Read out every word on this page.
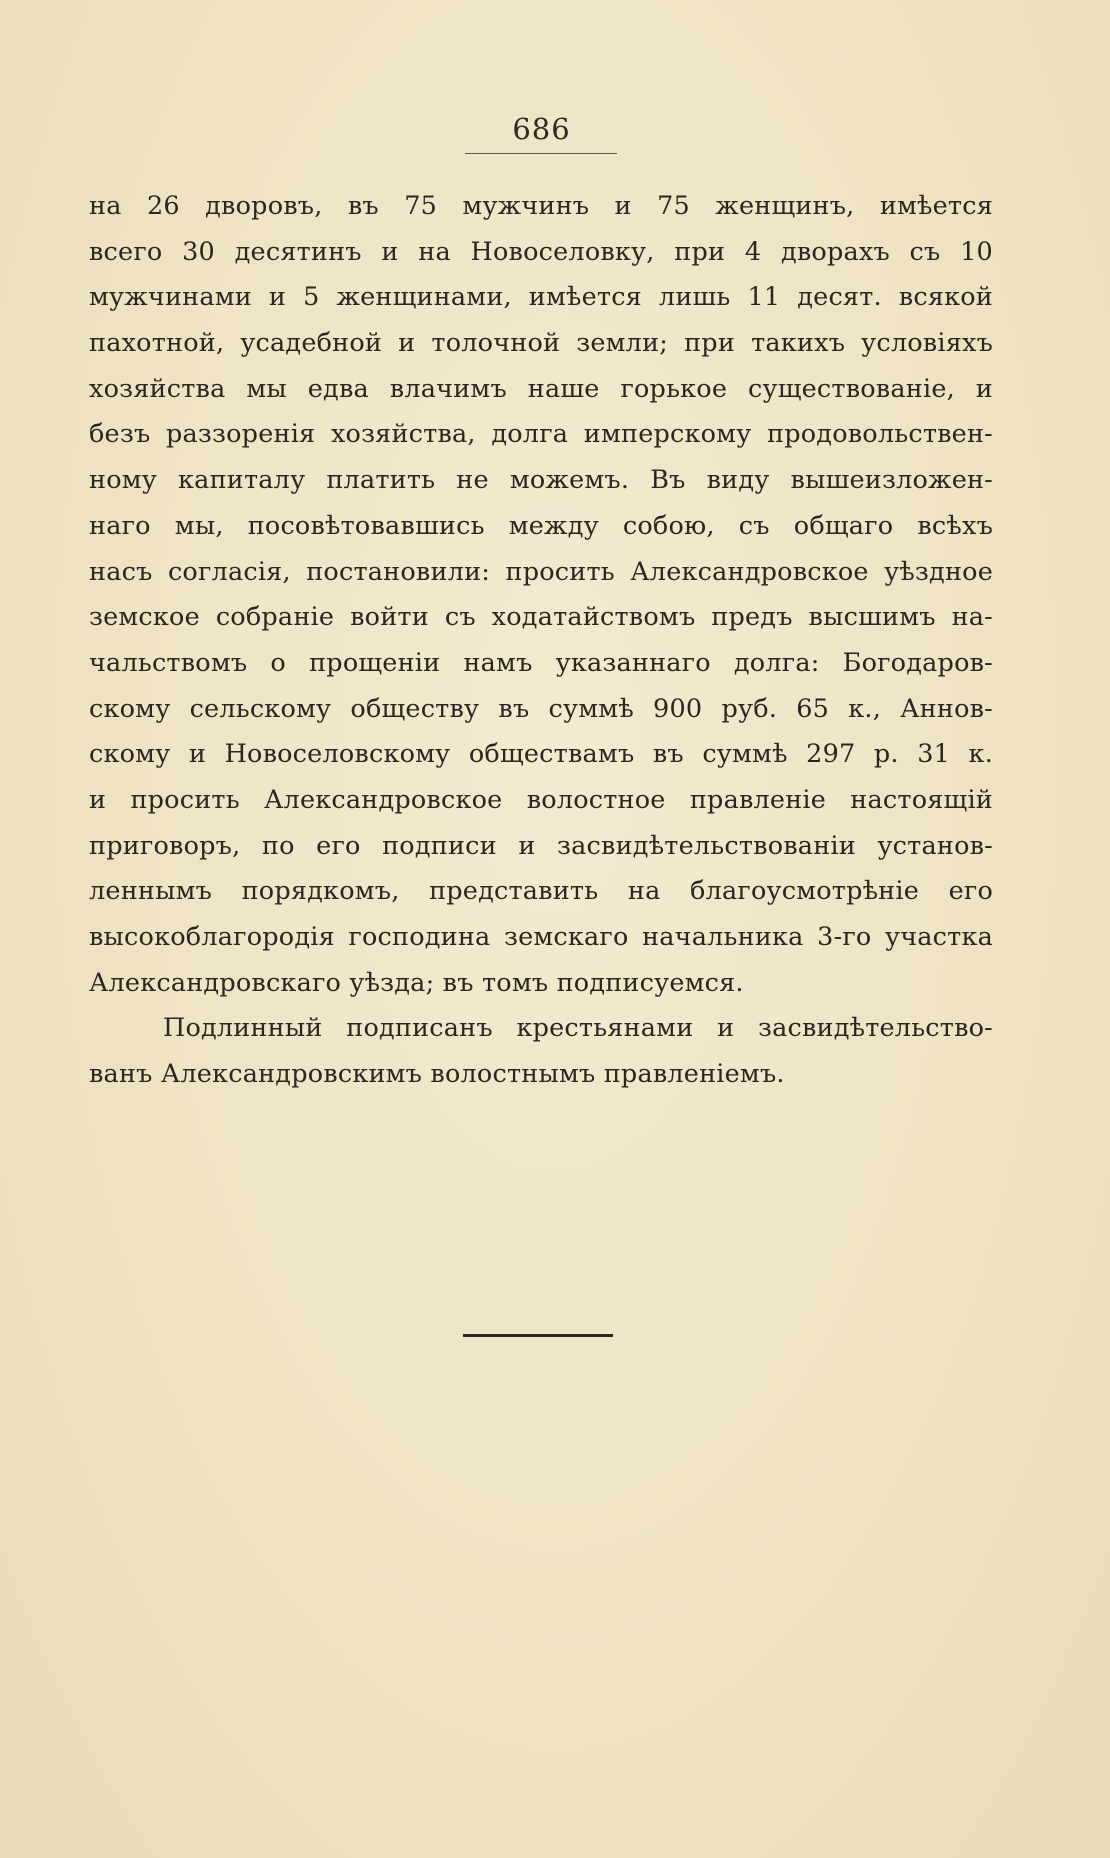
686
на 26 дворовъ, въ 75 мужчинъ и 75 женщинъ, имѣется
всего 30 десятинъ и на Новоселовку, при 4 дворахъ съ 10
мужчинами и 5 женщинами, имѣется лишь 11 десят. всякой
пахотной, усадебной и толочной земли; при такихъ условіяхъ
хозяйства мы едва влачимъ наше горькое существованіе, и
безъ раззоренія хозяйства, долга имперскому продовольствен-
ному капиталу платить не можемъ. Въ виду вышеизложен-
наго мы, посовѣтовавшись между собою, съ общаго всѣхъ
насъ согласія, постановили: просить Александровское уѣздное
земское собраніе войти съ ходатайствомъ предъ высшимъ на-
чальствомъ о прощеніи намъ указаннаго долга: Богодаров-
скому сельскому обществу въ суммѣ 900 руб. 65 к., Аннов-
скому и Новоселовскому обществамъ въ суммѣ 297 р. 31 к.
и просить Александровское волостное правленіе настоящій
приговоръ, по его подписи и засвидѣтельствованіи установ-
леннымъ порядкомъ, представить на благоусмотрѣніе его
высокоблагородія господина земскаго начальника 3-го участка
Александровскаго уѣзда; въ томъ подписуемся.
Подлинный подписанъ крестьянами и засвидѣтельство-
ванъ Александровскимъ волостнымъ правленіемъ.
